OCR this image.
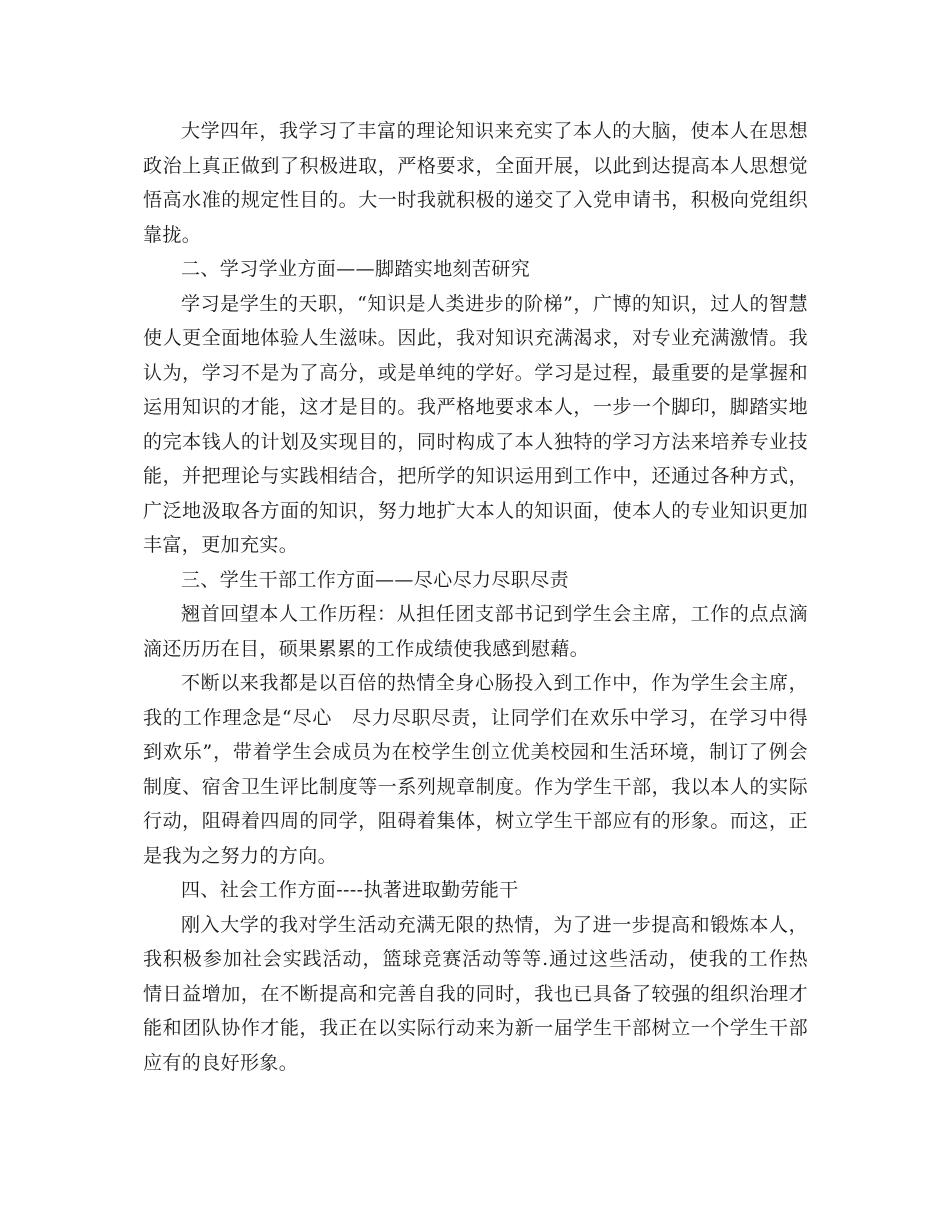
大学四年，我学习了丰富的理论知识来充实了本人的大脑，使本人在思想政治上真正做到了积极进取，严格要求，全面开展，以此到达提高本人思想觉悟高水准的规定性目的。大一时我就积极的递交了入党申请书，积极向党组织靠拢。

二、学习学业方面——脚踏实地刻苦研究

学习是学生的天职，“知识是人类进步的阶梯”，广博的知识，过人的智慧使人更全面地体验人生滋味。因此，我对知识充满渴求，对专业充满激情。我认为，学习不是为了高分，或是单纯的学好。学习是过程，最重要的是掌握和运用知识的才能，这才是目的。我严格地要求本人，一步一个脚印，脚踏实地的完本钱人的计划及实现目的，同时构成了本人独特的学习方法来培养专业技能，并把理论与实践相结合，把所学的知识运用到工作中，还通过各种方式，广泛地汲取各方面的知识，努力地扩大本人的知识面，使本人的专业知识更加丰富，更加充实。

三、学生干部工作方面——尽心尽力尽职尽责

翘首回望本人工作历程：从担任团支部书记到学生会主席，工作的点点滴滴还历历在目，硕果累累的工作成绩使我感到慰藉。

不断以来我都是以百倍的热情全身心肠投入到工作中，作为学生会主席，我的工作理念是“尽心　尽力尽职尽责，让同学们在欢乐中学习，在学习中得到欢乐”，带着学生会成员为在校学生创立优美校园和生活环境，制订了例会制度、宿舍卫生评比制度等一系列规章制度。作为学生干部，我以本人的实际行动，阻碍着四周的同学，阻碍着集体，树立学生干部应有的形象。而这，正是我为之努力的方向。

四、社会工作方面----执著进取勤劳能干

刚入大学的我对学生活动充满无限的热情，为了进一步提高和锻炼本人，我积极参加社会实践活动，篮球竞赛活动等等.通过这些活动，使我的工作热情日益增加，在不断提高和完善自我的同时，我也已具备了较强的组织治理才能和团队协作才能，我正在以实际行动来为新一届学生干部树立一个学生干部应有的良好形象。
